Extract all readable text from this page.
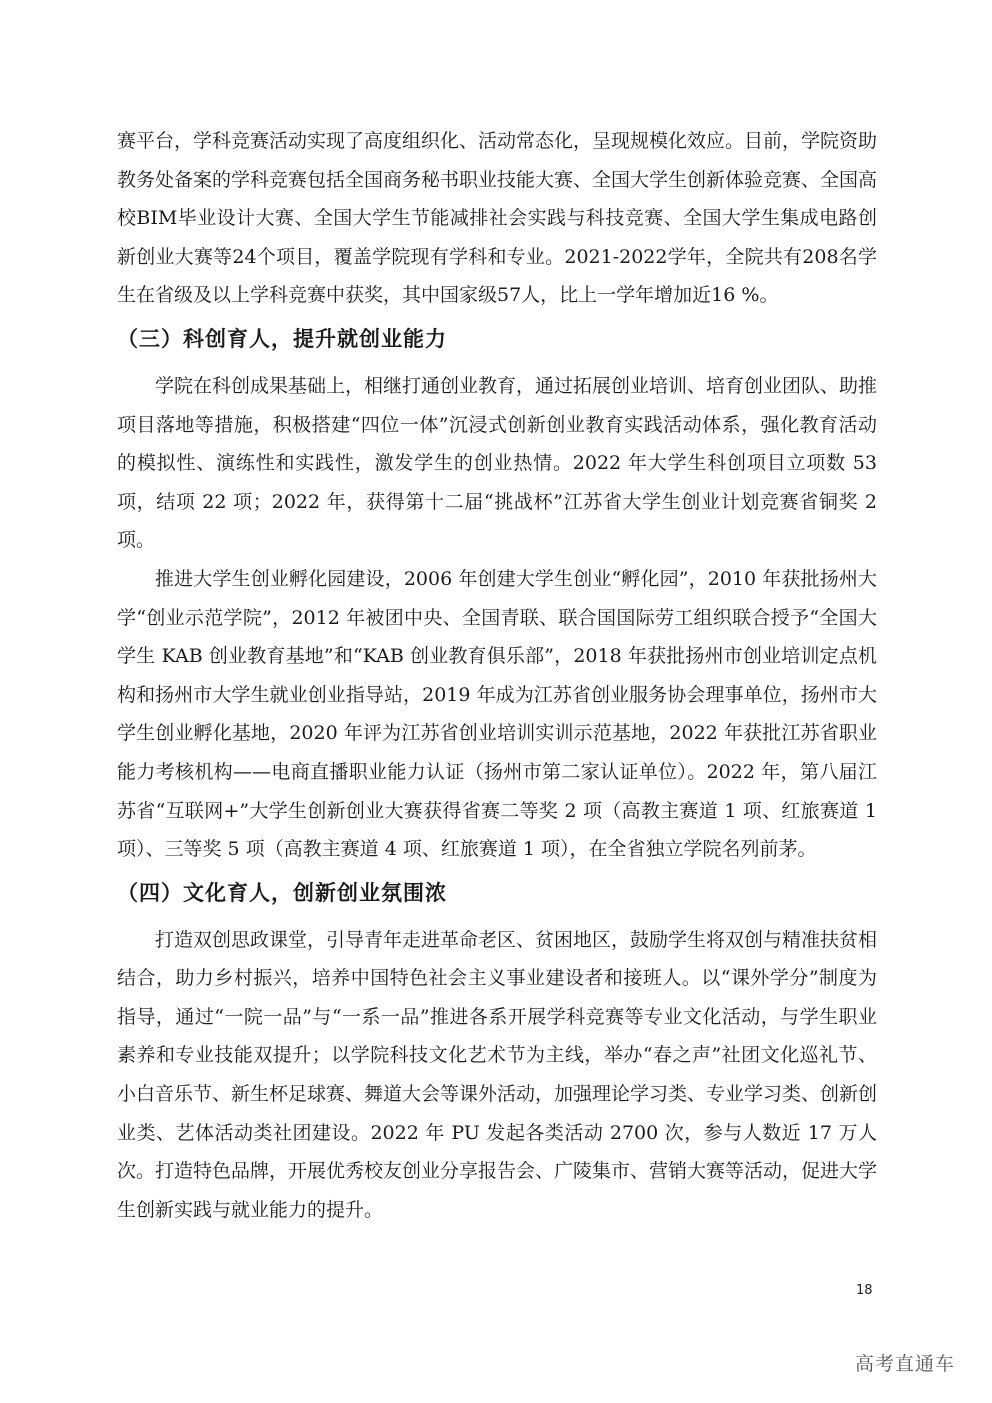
赛平台，学科竞赛活动实现了高度组织化、活动常态化，呈现规模化效应。目前，学院资助教务处备案的学科竞赛包括全国商务秘书职业技能大赛、全国大学生创新体验竞赛、全国高校BIM毕业设计大赛、全国大学生节能减排社会实践与科技竞赛、全国大学生集成电路创新创业大赛等24个项目，覆盖学院现有学科和专业。2021-2022学年，全院共有208名学生在省级及以上学科竞赛中获奖，其中国家级57人，比上一学年增加近16 %。

（三）科创育人，提升就创业能力

学院在科创成果基础上，相继打通创业教育，通过拓展创业培训、培育创业团队、助推项目落地等措施，积极搭建“四位一体”沉浸式创新创业教育实践活动体系，强化教育活动的模拟性、演练性和实践性，激发学生的创业热情。2022 年大学生科创项目立项数 53 项，结项 22 项；2022 年，获得第十二届“挑战杯”江苏省大学生创业计划竞赛省铜奖 2 项。

推进大学生创业孵化园建设，2006 年创建大学生创业“孵化园”，2010 年获批扬州大学“创业示范学院”，2012 年被团中央、全国青联、联合国国际劳工组织联合授予“全国大学生 KAB 创业教育基地”和“KAB 创业教育俱乐部”，2018 年获批扬州市创业培训定点机构和扬州市大学生就业创业指导站，2019 年成为江苏省创业服务协会理事单位，扬州市大学生创业孵化基地，2020 年评为江苏省创业培训实训示范基地，2022 年获批江苏省职业能力考核机构——电商直播职业能力认证（扬州市第二家认证单位）。2022 年，第八届江苏省“互联网+”大学生创新创业大赛获得省赛二等奖 2 项（高教主赛道 1 项、红旅赛道 1 项）、三等奖 5 项（高教主赛道 4 项、红旅赛道 1 项），在全省独立学院名列前茅。

（四）文化育人，创新创业氛围浓

打造双创思政课堂，引导青年走进革命老区、贫困地区，鼓励学生将双创与精准扶贫相结合，助力乡村振兴，培养中国特色社会主义事业建设者和接班人。以“课外学分”制度为指导，通过“一院一品”与“一系一品”推进各系开展学科竞赛等专业文化活动，与学生职业素养和专业技能双提升；以学院科技文化艺术节为主线，举办“春之声”社团文化巡礼节、小白音乐节、新生杯足球赛、舞道大会等课外活动，加强理论学习类、专业学习类、创新创业类、艺体活动类社团建设。2022 年 PU 发起各类活动 2700 次，参与人数近 17 万人次。打造特色品牌，开展优秀校友创业分享报告会、广陵集市、营销大赛等活动，促进大学生创新实践与就业能力的提升。

18
高考直通车
